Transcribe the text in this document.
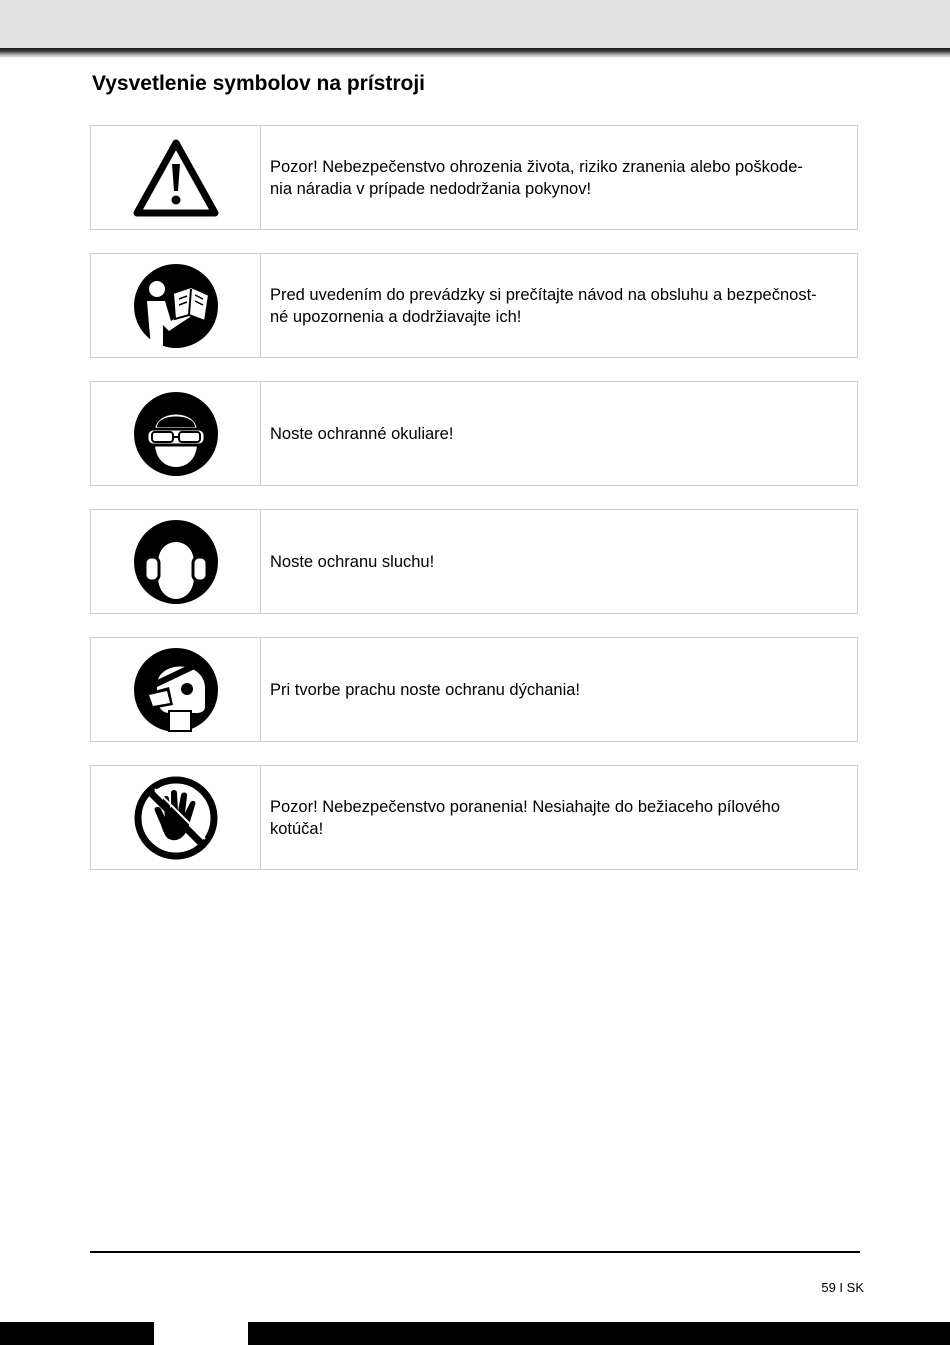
Vysvetlenie symbolov na prístroji
Pozor! Nebezpečenstvo ohrozenia života, riziko zranenia alebo poškode-
nia náradia v prípade nedodržania pokynov!
Pred uvedením do prevádzky si prečítajte návod na obsluhu a bezpečnost-
né upozornenia a dodržiavajte ich!
Noste ochranné okuliare!
Noste ochranu sluchu!
Pri tvorbe prachu noste ochranu dýchania!
Pozor! Nebezpečenstvo poranenia! Nesiahajte do bežiaceho pílového
kotúča!
59 I SK
